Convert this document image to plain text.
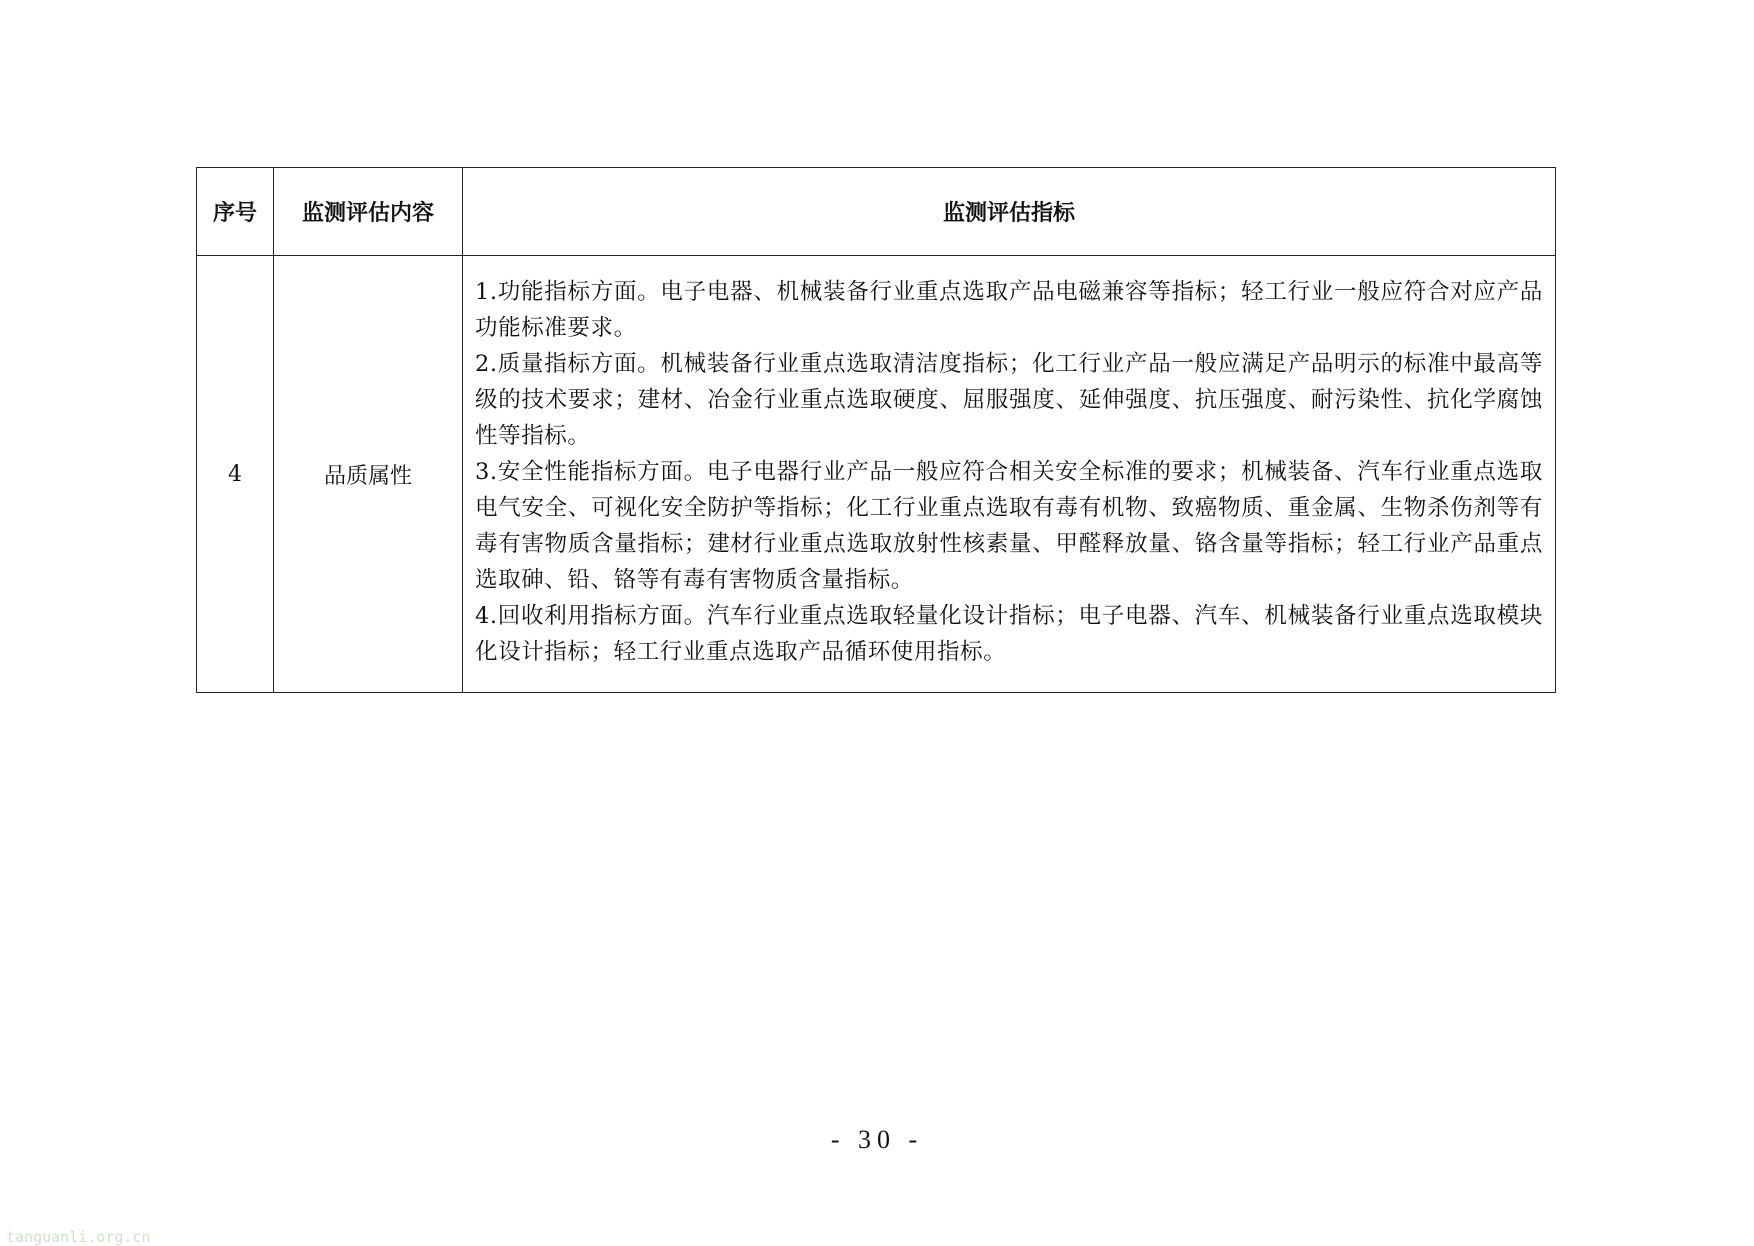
序号	监测评估内容	监测评估指标
4	品质属性	1.功能指标方面。电子电器、机械装备行业重点选取产品电磁兼容等指标；轻工行业一般应符合对应产品功能标准要求。
2.质量指标方面。机械装备行业重点选取清洁度指标；化工行业产品一般应满足产品明示的标准中最高等级的技术要求；建材、冶金行业重点选取硬度、屈服强度、延伸强度、抗压强度、耐污染性、抗化学腐蚀性等指标。
3.安全性能指标方面。电子电器行业产品一般应符合相关安全标准的要求；机械装备、汽车行业重点选取电气安全、可视化安全防护等指标；化工行业重点选取有毒有机物、致癌物质、重金属、生物杀伤剂等有毒有害物质含量指标；建材行业重点选取放射性核素量、甲醛释放量、铬含量等指标；轻工行业产品重点选取砷、铅、铬等有毒有害物质含量指标。
4.回收利用指标方面。汽车行业重点选取轻量化设计指标；电子电器、汽车、机械装备行业重点选取模块化设计指标；轻工行业重点选取产品循环使用指标。
- 30 -
tanguanli.org.cn
